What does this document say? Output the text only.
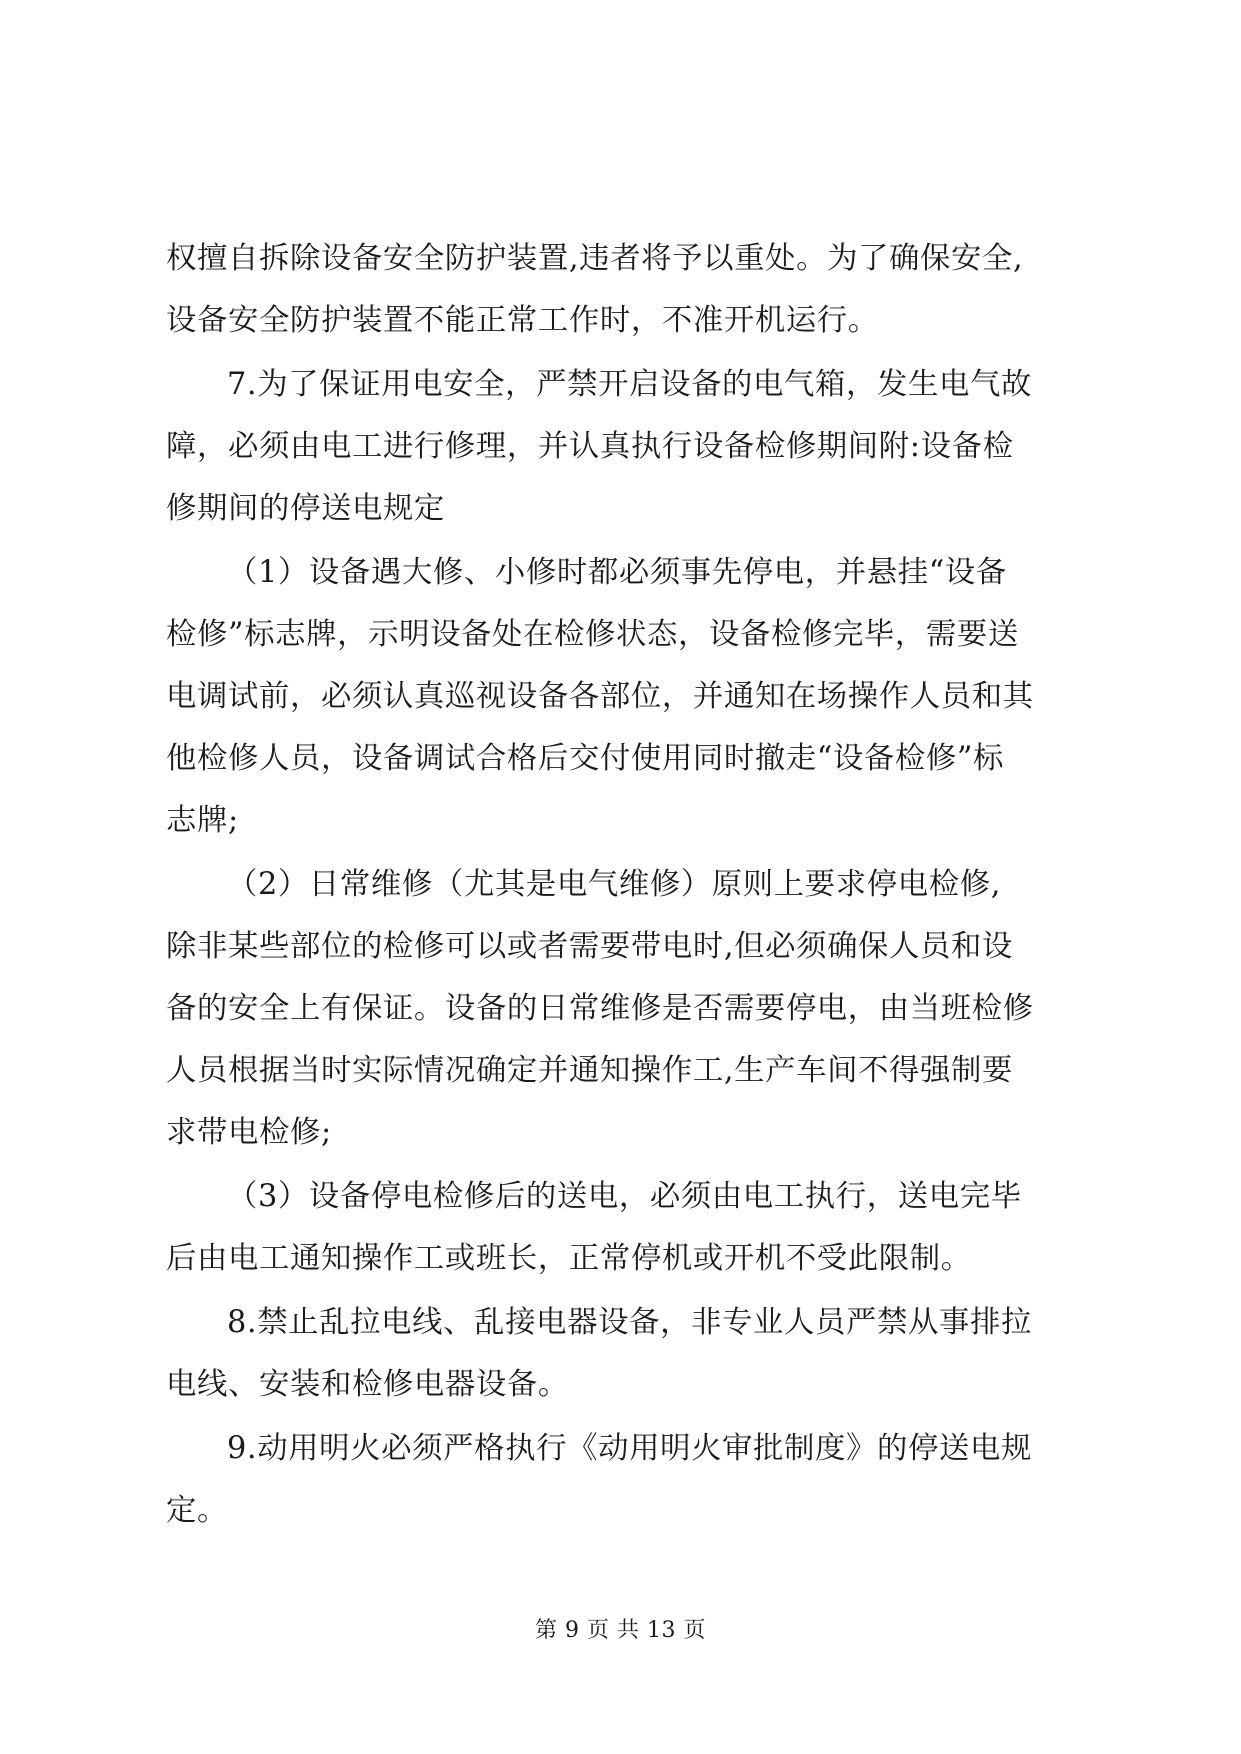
权擅自拆除设备安全防护装置,违者将予以重处。为了确保安全,
设备安全防护装置不能正常工作时，不准开机运行。

7.为了保证用电安全，严禁开启设备的电气箱，发生电气故
障，必须由电工进行修理，并认真执行设备检修期间附:设备检
修期间的停送电规定

（1）设备遇大修、小修时都必须事先停电，并悬挂“设备
检修”标志牌，示明设备处在检修状态，设备检修完毕，需要送
电调试前，必须认真巡视设备各部位，并通知在场操作人员和其
他检修人员，设备调试合格后交付使用同时撤走“设备检修”标
志牌;

（2）日常维修（尤其是电气维修）原则上要求停电检修,
除非某些部位的检修可以或者需要带电时,但必须确保人员和设
备的安全上有保证。设备的日常维修是否需要停电，由当班检修
人员根据当时实际情况确定并通知操作工,生产车间不得强制要
求带电检修;

（3）设备停电检修后的送电，必须由电工执行，送电完毕
后由电工通知操作工或班长，正常停机或开机不受此限制。

8.禁止乱拉电线、乱接电器设备，非专业人员严禁从事排拉
电线、安装和检修电器设备。

9.动用明火必须严格执行《动用明火审批制度》的停送电规
定。

第 9 页 共 13 页
